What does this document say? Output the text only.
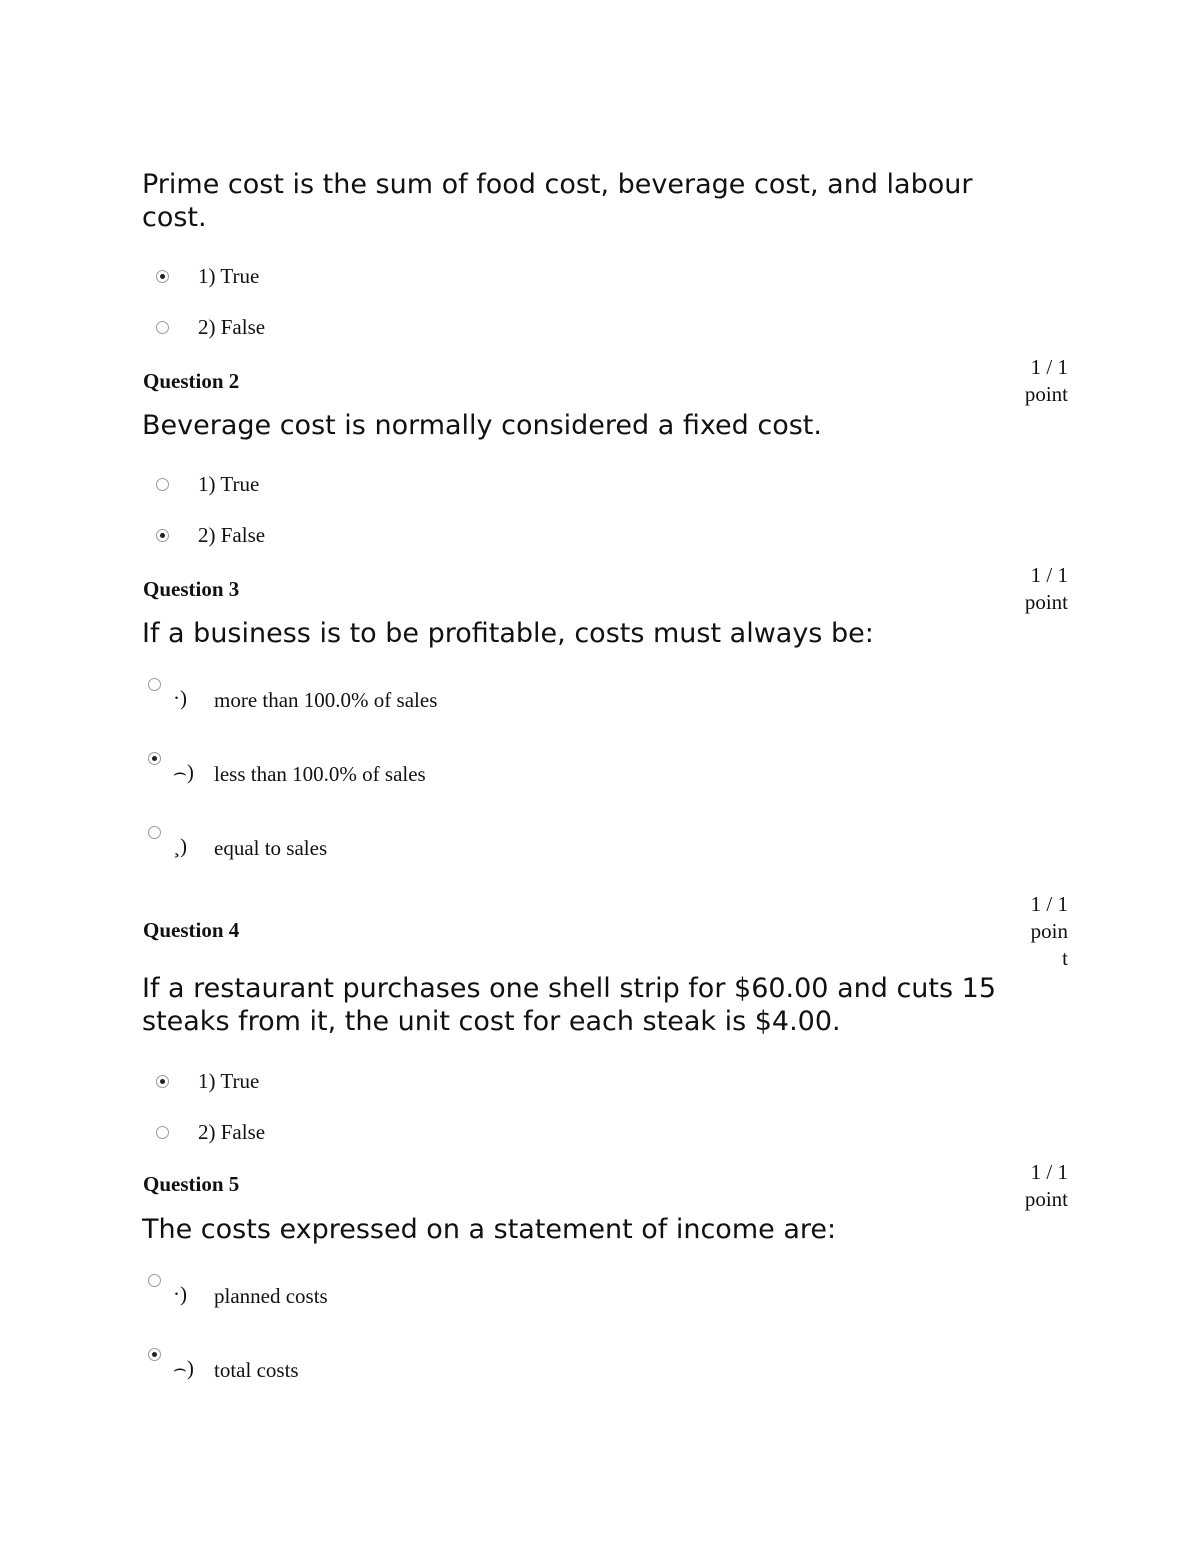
Prime cost is the sum of food cost, beverage cost, and labour cost.

1) True
2) False
1 / 1
point
Question 2

Beverage cost is normally considered a fixed cost.

1) True
2) False
1 / 1
point
Question 3

If a business is to be profitable, costs must always be:

·) more than 100.0% of sales
⌢) less than 100.0% of sales
¸) equal to sales
1 / 1
poin
t
Question 4

If a restaurant purchases one shell strip for $60.00 and cuts 15 steaks from it, the unit cost for each steak is $4.00.

1) True
2) False
1 / 1
point
Question 5

The costs expressed on a statement of income are:

·) planned costs
⌢) total costs
